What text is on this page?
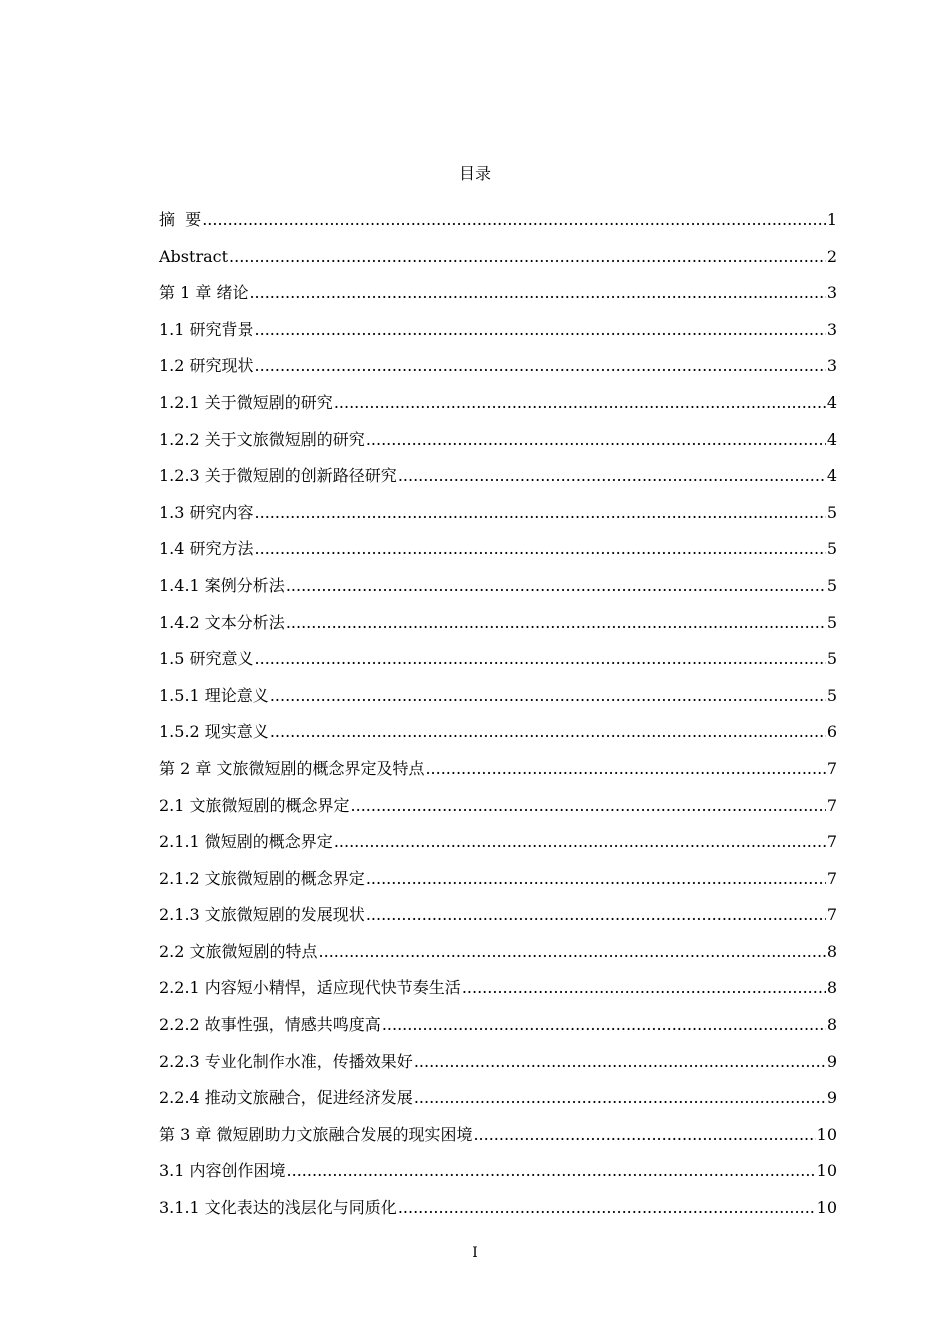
目录
摘  要 .....	1
Abstract .....	2
第 1 章 绪论 .....	3
1.1 研究背景 .....	3
1.2 研究现状 .....	3
1.2.1 关于微短剧的研究 .....	4
1.2.2 关于文旅微短剧的研究 .....	4
1.2.3 关于微短剧的创新路径研究 .....	4
1.3 研究内容 .....	5
1.4 研究方法 .....	5
1.4.1 案例分析法 .....	5
1.4.2 文本分析法 .....	5
1.5 研究意义 .....	5
1.5.1 理论意义 .....	5
1.5.2 现实意义 .....	6
第 2 章 文旅微短剧的概念界定及特点 .....	7
2.1 文旅微短剧的概念界定 .....	7
2.1.1 微短剧的概念界定 .....	7
2.1.2 文旅微短剧的概念界定 .....	7
2.1.3 文旅微短剧的发展现状 .....	7
2.2 文旅微短剧的特点 .....	8
2.2.1 内容短小精悍，适应现代快节奏生活 .....	8
2.2.2 故事性强，情感共鸣度高 .....	8
2.2.3 专业化制作水准，传播效果好 .....	9
2.2.4 推动文旅融合，促进经济发展 .....	9
第 3 章 微短剧助力文旅融合发展的现实困境 .....	10
3.1 内容创作困境 .....	10
3.1.1 文化表达的浅层化与同质化 .....	10
I
